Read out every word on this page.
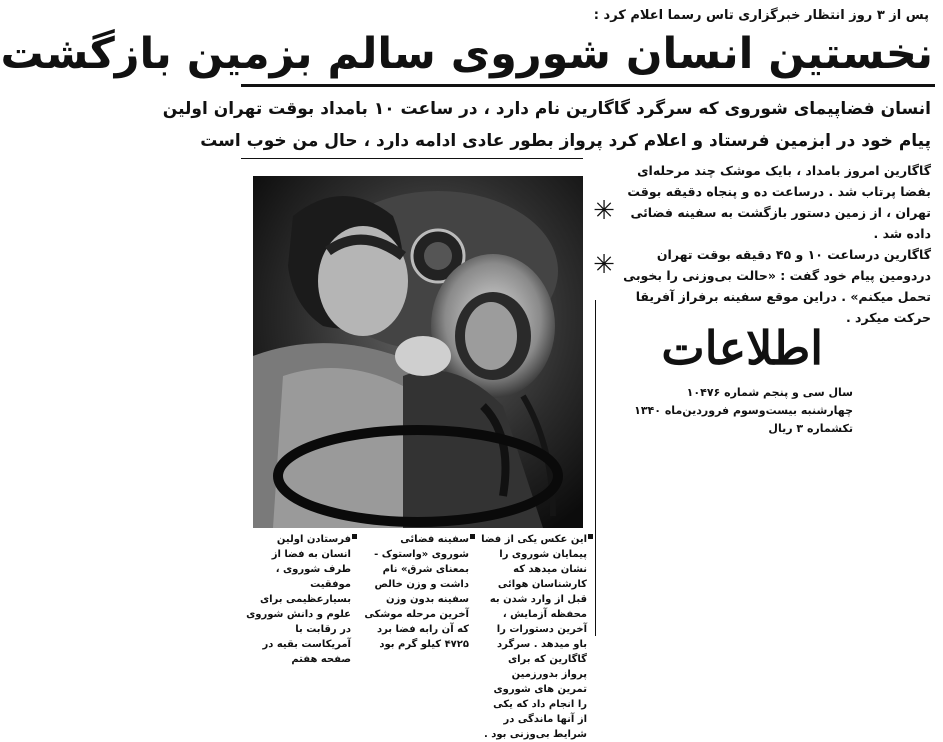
پس از ۳ روز انتظار خبرگزاری تاس رسما اعلام کرد :
نخستین انسان شوروی سالم بزمین بازگشت
انسان فضاپیمای شوروی که سرگرد گاگارین نام دارد ، در ساعت ۱۰ بامداد بوقت تهران اولین
پیام خود در ابزمین فرستاد و اعلام کرد پرواز بطور عادی ادامه دارد ، حال من خوب است

گاگارین امروز بامداد ، بایک موشک چند مرحله‌ای بفضا پرتاب شد . درساعت ده و پنجاه دقیقه بوقت تهران ، از زمین دستور بازگشت به سفینه فضائی داده شد .

گاگارین درساعت ۱۰ و ۴۵ دقیقه بوقت تهران دردومین پیام خود گفت : «حالت بی‌وزنی را بخوبی تحمل میکنم» . دراین موقع سفینه برفراز آفریقا حرکت میکرد .

✳
✳
اطلاعات
سال سی ‌و پنجم شماره ۱۰۴۷۶
چهارشنبه بیست‌وسوم فروردین‌ماه ۱۳۴۰
تکشماره ۳ ریال
این عکس یکی از فضا پیمایان شوروی را نشان میدهد که کارشناسان هوائی قبل از وارد شدن به محفظه آزمایش ، آخرین دستورات را باو میدهد . سرگرد گاگارین که برای پرواز بدورزمین تمرین های شوروی را انجام داد که یکی از آنها ماندگی در شرایط بی‌وزنی بود .
سفینه فضائی شوروی «واستوک - بمعنای شرق» نام داشت و وزن خالص سفینه بدون وزن آخرین مرحله موشکی که آن رابه فضا برد ۴۷۲۵ کیلو گرم بود
فرستادن اولین انسان به فضا از طرف شوروی ، موفقیت بسیارعظیمی برای علوم و دانش شوروی در رقابت با آمریکاست بقیه در صفحه هفتم
